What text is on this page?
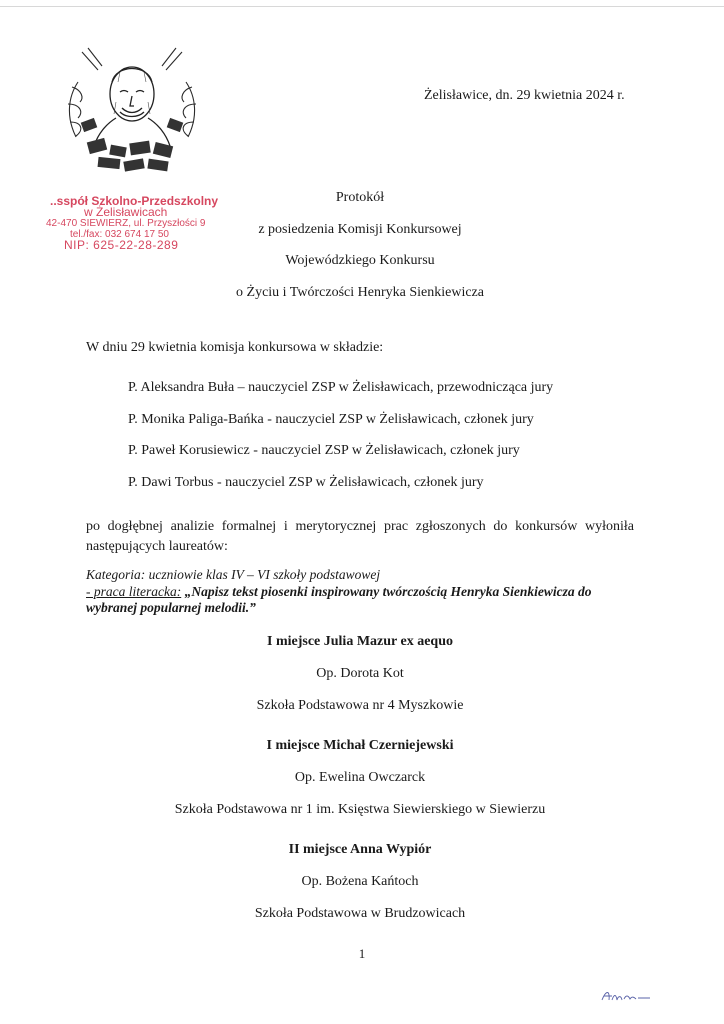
..sspół Szkolno-Przedszkolny
w Żelisławicach
42-470 SIEWIERZ, ul. Przyszłości 9
tel./fax: 032 674 17 50
NIP: 625-22-28-289
Żelisławice, dn. 29 kwietnia 2024 r.
Protokół
z posiedzenia Komisji Konkursowej
Wojewódzkiego Konkursu
o Życiu i Twórczości Henryka Sienkiewicza
W dniu 29 kwietnia komisja konkursowa w składzie:
P. Aleksandra Buła – nauczyciel ZSP w Żelisławicach, przewodnicząca jury
P. Monika Paliga-Bańka - nauczyciel ZSP w Żelisławicach, członek jury
P. Paweł Korusiewicz - nauczyciel ZSP w Żelisławicach, członek jury
P. Dawi Torbus - nauczyciel ZSP w Żelisławicach, członek jury
po dogłębnej analizie formalnej i merytorycznej prac zgłoszonych do konkursów wyłoniła następujących laureatów:
Kategoria: uczniowie klas IV – VI szkoły podstawowej
- praca literacka: „Napisz tekst piosenki inspirowany twórczością Henryka Sienkiewicza do wybranej popularnej melodii.”
I miejsce Julia Mazur ex aequo
Op. Dorota Kot
Szkoła Podstawowa nr 4 Myszkowie
I miejsce Michał Czerniejewski
Op. Ewelina Owczarck
Szkoła Podstawowa nr 1 im. Księstwa Siewierskiego w Siewierzu
II miejsce Anna Wypiór
Op. Bożena Kańtoch
Szkoła Podstawowa w Brudzowicach
1
